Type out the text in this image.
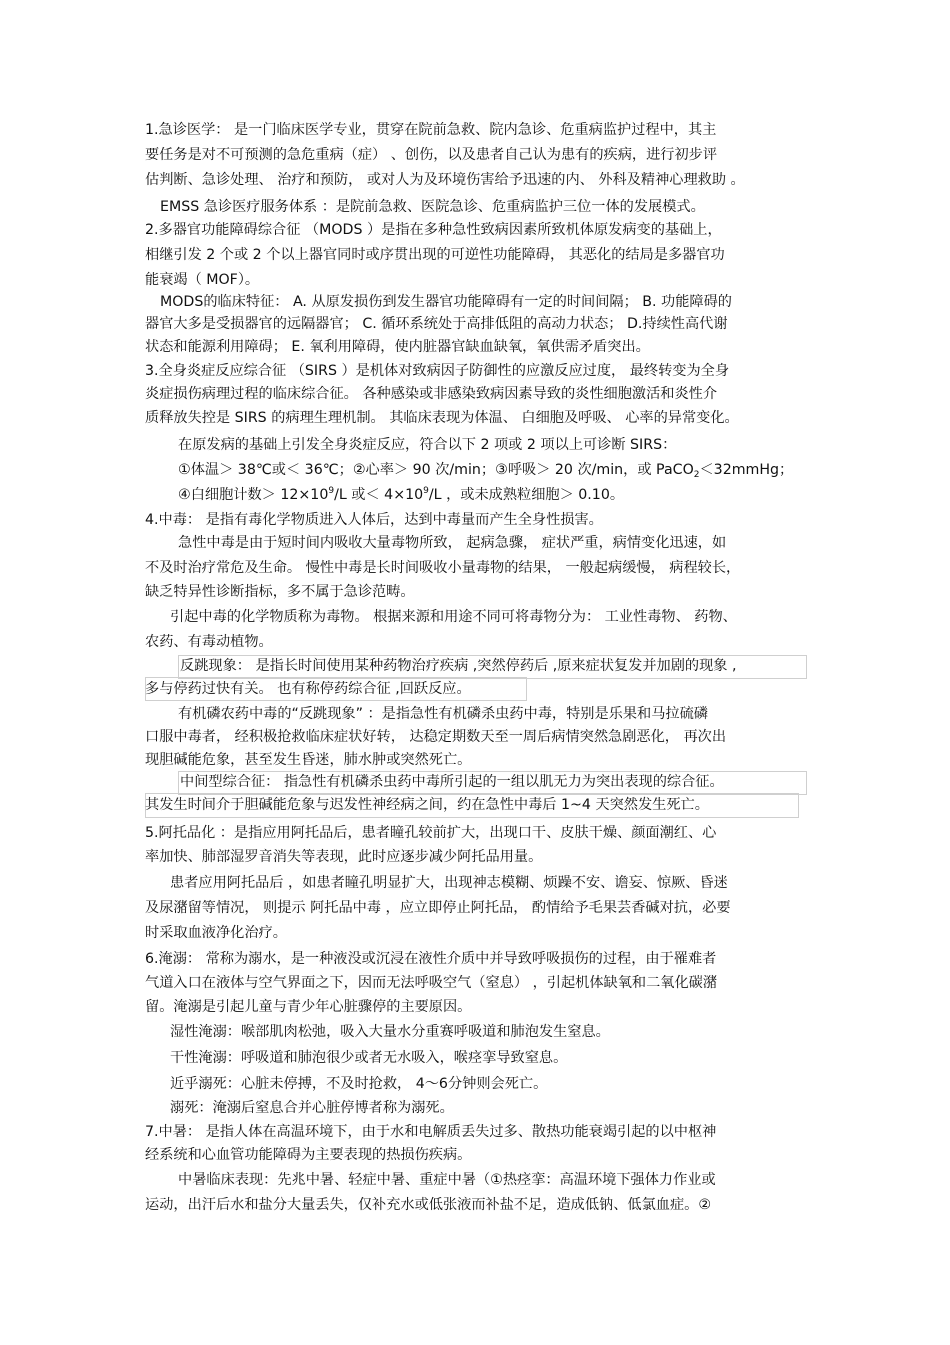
1.急诊医学： 是一门临床医学专业，贯穿在院前急救、院内急诊、危重病监护过程中，其主
要任务是对不可预测的急危重病（症） 、创伤，以及患者自己认为患有的疾病，进行初步评
估判断、急诊处理、 治疗和预防， 或对人为及环境伤害给予迅速的内、 外科及精神心理救助 。
EMSS 急诊医疗服务体系 ：是院前急救、医院急诊、危重病监护三位一体的发展模式。
2.多器官功能障碍综合征 （MODS ）是指在多种急性致病因素所致机体原发病变的基础上，
相继引发 2 个或 2 个以上器官同时或序贯出现的可逆性功能障碍， 其恶化的结局是多器官功
能衰竭（ MOF）。
MODS的临床特征： A. 从原发损伤到发生器官功能障碍有一定的时间间隔； B. 功能障碍的
器官大多是受损器官的远隔器官； C. 循环系统处于高排低阻的高动力状态； D.持续性高代谢
状态和能源利用障碍； E. 氧利用障碍，使内脏器官缺血缺氧，氧供需矛盾突出。
3.全身炎症反应综合征 （SIRS ）是机体对致病因子防御性的应激反应过度， 最终转变为全身
炎症损伤病理过程的临床综合征。 各种感染或非感染致病因素导致的炎性细胞激活和炎性介
质释放失控是 SIRS 的病理生理机制。 其临床表现为体温、 白细胞及呼吸、 心率的异常变化。
在原发病的基础上引发全身炎症反应，符合以下 2 项或 2 项以上可诊断 SIRS：
①体温＞ 38℃或＜ 36℃；②心率＞ 90 次/min；③呼吸＞ 20 次/min，或 PaCO$_2$＜32mmHg；
④白细胞计数＞ $12\times 10^9/L$ 或＜ $4\times 10^9/L$ ，或未成熟粒细胞＞ 0.10。
4.中毒： 是指有毒化学物质进入人体后，达到中毒量而产生全身性损害。
急性中毒是由于短时间内吸收大量毒物所致， 起病急骤， 症状严重，病情变化迅速，如
不及时治疗常危及生命。 慢性中毒是长时间吸收小量毒物的结果， 一般起病缓慢， 病程较长，
缺乏特异性诊断指标，多不属于急诊范畴。
引起中毒的化学物质称为毒物。 根据来源和用途不同可将毒物分为： 工业性毒物、 药物、
农药、有毒动植物。
反跳现象： 是指长时间使用某种药物治疗疾病 ,突然停药后 ,原来症状复发并加剧的现象 ,
多与停药过快有关。 也有称停药综合征 ,回跃反应。
有机磷农药中毒的“反跳现象” ：是指急性有机磷杀虫药中毒，特别是乐果和马拉硫磷
口服中毒者， 经积极抢救临床症状好转， 达稳定期数天至一周后病情突然急剧恶化， 再次出
现胆碱能危象，甚至发生昏迷，肺水肿或突然死亡。
中间型综合征： 指急性有机磷杀虫药中毒所引起的一组以肌无力为突出表现的综合征。
其发生时间介于胆碱能危象与迟发性神经病之间，约在急性中毒后 1~4 天突然发生死亡。
5.阿托品化 ：是指应用阿托品后，患者瞳孔较前扩大，出现口干、皮肤干燥、颜面潮红、心
率加快、肺部湿罗音消失等表现，此时应逐步减少阿托品用量。
患者应用阿托品后 ，如患者瞳孔明显扩大，出现神志模糊、烦躁不安、谵妄、惊厥、昏迷
及尿潴留等情况， 则提示 阿托品中毒 ，应立即停止阿托品， 酌情给予毛果芸香碱对抗，必要
时采取血液净化治疗。
6.淹溺： 常称为溺水，是一种液没或沉浸在液性介质中并导致呼吸损伤的过程，由于罹难者
气道入口在液体与空气界面之下，因而无法呼吸空气（窒息） ，引起机体缺氧和二氧化碳潴
留。淹溺是引起儿童与青少年心脏骤停的主要原因。
湿性淹溺：喉部肌肉松弛，吸入大量水分重赛呼吸道和肺泡发生窒息。
干性淹溺：呼吸道和肺泡很少或者无水吸入，喉痉挛导致窒息。
近乎溺死：心脏未停搏，不及时抢救， 4～6分钟则会死亡。
溺死：淹溺后窒息合并心脏停博者称为溺死。
7.中暑： 是指人体在高温环境下，由于水和电解质丢失过多、散热功能衰竭引起的以中枢神
经系统和心血管功能障碍为主要表现的热损伤疾病。
中暑临床表现：先兆中暑、轻症中暑、重症中暑（①热痉挛：高温环境下强体力作业或
运动，出汗后水和盐分大量丢失，仅补充水或低张液而补盐不足，造成低钠、低氯血症。②
